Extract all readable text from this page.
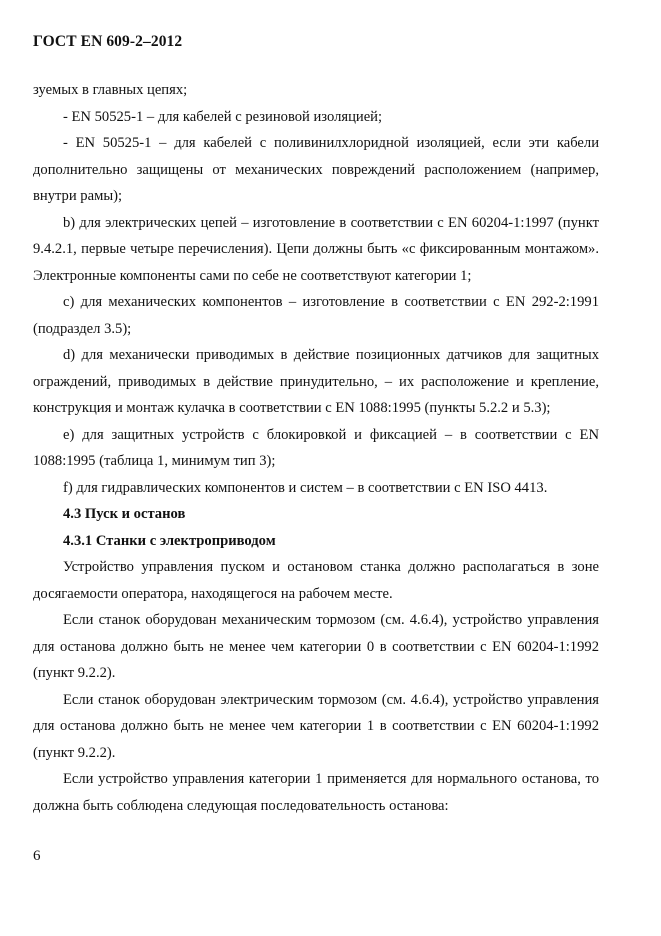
ГОСТ EN 609-2–2012

зуемых в главных цепях;

- EN 50525-1 – для кабелей с резиновой изоляцией;

- EN 50525-1 – для кабелей с поливинилхлоридной изоляцией, если эти кабели дополнительно защищены от механических повреждений расположением (например, внутри рамы);

b) для электрических цепей – изготовление в соответствии с EN 60204-1:1997 (пункт 9.4.2.1, первые четыре перечисления). Цепи должны быть «с фиксированным монтажом». Электронные компоненты сами по себе не соответствуют категории 1;

c) для механических компонентов – изготовление в соответствии с EN 292-2:1991 (подраздел 3.5);

d) для механически приводимых в действие позиционных датчиков для защитных ограждений, приводимых в действие принудительно, – их расположение и крепление, конструкция и монтаж кулачка в соответствии с EN 1088:1995 (пункты 5.2.2 и 5.3);

e) для защитных устройств с блокировкой и фиксацией – в соответствии с EN 1088:1995 (таблица 1, минимум тип 3);

f) для гидравлических компонентов и систем – в соответствии с EN ISO 4413.

4.3 Пуск и останов

4.3.1 Станки с электроприводом

Устройство управления пуском и остановом станка должно располагаться в зоне досягаемости оператора, находящегося на рабочем месте.

Если станок оборудован механическим тормозом (см. 4.6.4), устройство управления для останова должно быть не менее чем категории 0 в соответствии с EN 60204-1:1992 (пункт 9.2.2).

Если станок оборудован электрическим тормозом (см. 4.6.4), устройство управления для останова должно быть не менее чем категории 1 в соответствии с EN 60204-1:1992 (пункт 9.2.2).

Если устройство управления категории 1 применяется для нормального останова, то должна быть соблюдена следующая последовательность останова:

6
